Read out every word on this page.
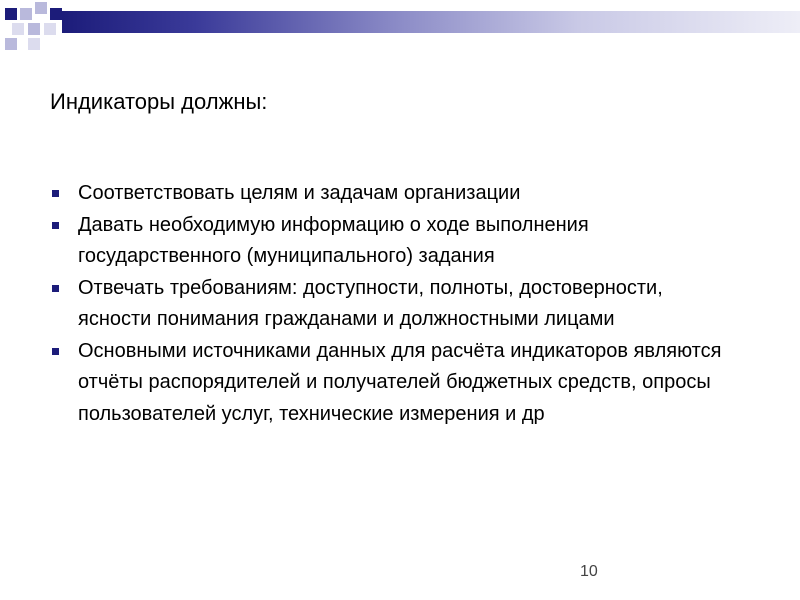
Индикаторы должны:
Соответствовать целям и задачам организации
Давать необходимую информацию о ходе выполнения государственного (муниципального) задания
Отвечать требованиям: доступности, полноты, достоверности, ясности понимания гражданами и должностными лицами
Основными источниками данных для расчёта индикаторов являются отчёты распорядителей и получателей бюджетных средств, опросы пользователей услуг, технические измерения и др
10
